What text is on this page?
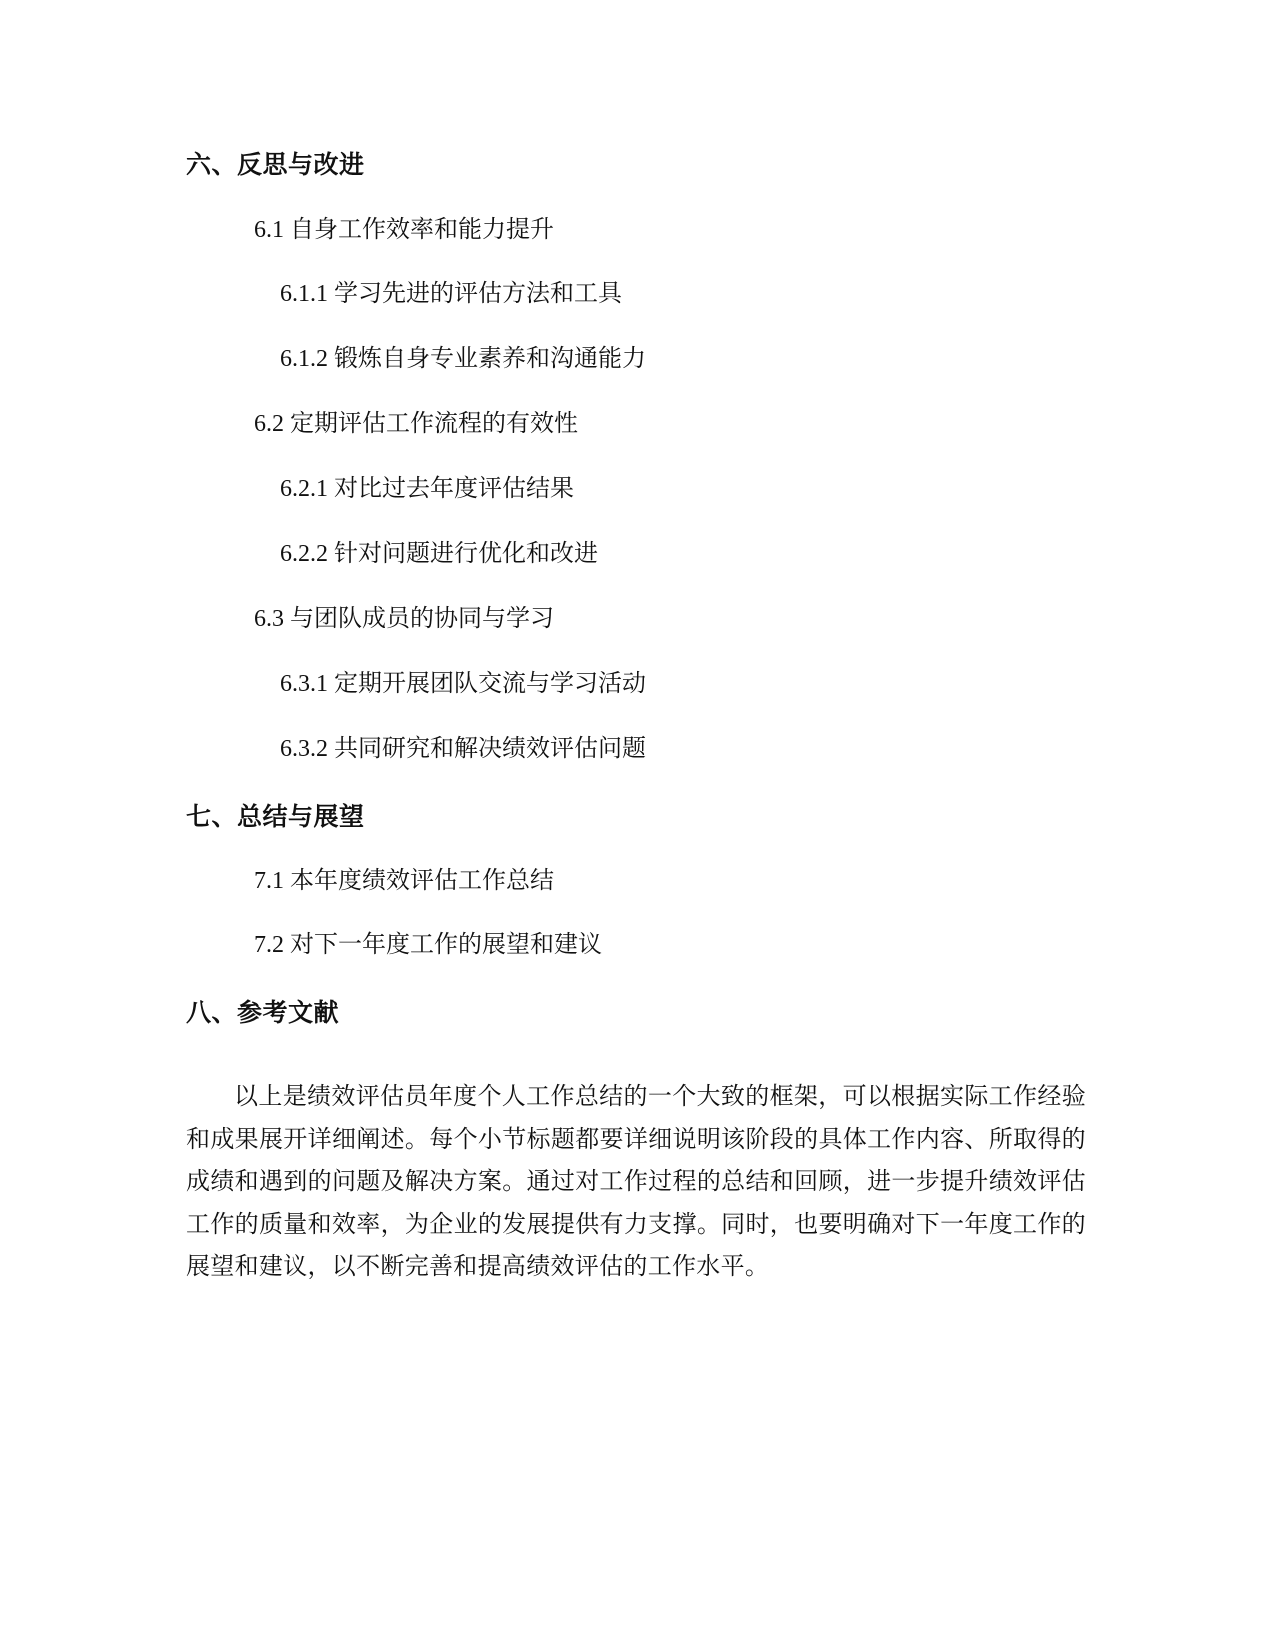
六、反思与改进
6.1 自身工作效率和能力提升
6.1.1 学习先进的评估方法和工具
6.1.2 锻炼自身专业素养和沟通能力
6.2 定期评估工作流程的有效性
6.2.1 对比过去年度评估结果
6.2.2 针对问题进行优化和改进
6.3 与团队成员的协同与学习
6.3.1 定期开展团队交流与学习活动
6.3.2 共同研究和解决绩效评估问题
七、总结与展望
7.1 本年度绩效评估工作总结
7.2 对下一年度工作的展望和建议
八、参考文献

以上是绩效评估员年度个人工作总结的一个大致的框架，可以根据实际工作经验和成果展开详细阐述。每个小节标题都要详细说明该阶段的具体工作内容、所取得的成绩和遇到的问题及解决方案。通过对工作过程的总结和回顾，进一步提升绩效评估工作的质量和效率，为企业的发展提供有力支撑。同时，也要明确对下一年度工作的展望和建议，以不断完善和提高绩效评估的工作水平。
